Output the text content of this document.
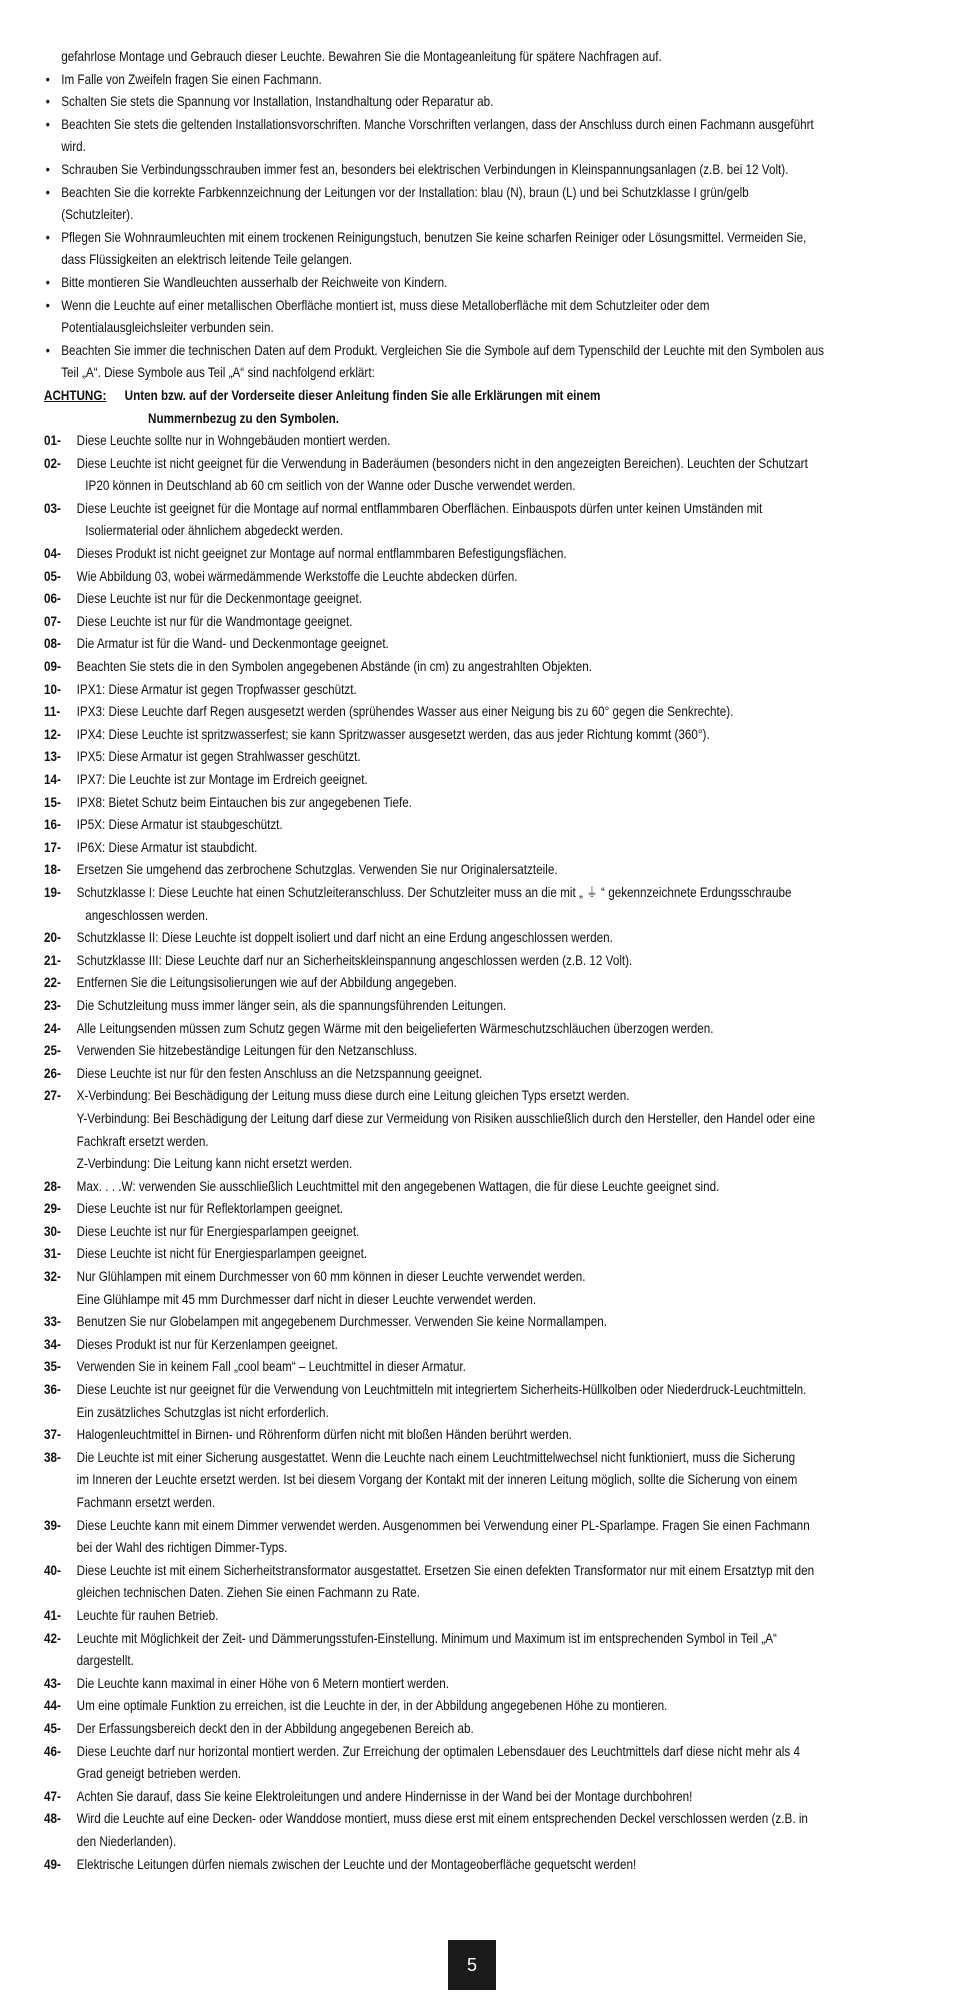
gefahrlose Montage und Gebrauch dieser Leuchte. Bewahren Sie die Montageanleitung für spätere Nachfragen auf.
• Im Falle von Zweifeln fragen Sie einen Fachmann.
• Schalten Sie stets die Spannung vor Installation, Instandhaltung oder Reparatur ab.
• Beachten Sie stets die geltenden Installationsvorschriften. Manche Vorschriften verlangen, dass der Anschluss durch einen Fachmann ausgeführt
wird.
• Schrauben Sie Verbindungsschrauben immer fest an, besonders bei elektrischen Verbindungen in Kleinspannungsanlagen (z.B. bei 12 Volt).
• Beachten Sie die korrekte Farbkennzeichnung der Leitungen vor der Installation: blau (N), braun (L) und bei Schutzklasse I grün/gelb
(Schutzleiter).
• Pflegen Sie Wohnraumleuchten mit einem trockenen Reinigungstuch, benutzen Sie keine scharfen Reiniger oder Lösungsmittel. Vermeiden Sie,
dass Flüssigkeiten an elektrisch leitende Teile gelangen.
• Bitte montieren Sie Wandleuchten ausserhalb der Reichweite von Kindern.
• Wenn die Leuchte auf einer metallischen Oberfläche montiert ist, muss diese Metalloberfläche mit dem Schutzleiter oder dem
Potentialausgleichsleiter verbunden sein.
• Beachten Sie immer die technischen Daten auf dem Produkt. Vergleichen Sie die Symbole auf dem Typenschild der Leuchte mit den Symbolen aus
Teil „A“. Diese Symbole aus Teil „A“ sind nachfolgend erklärt:
ACHTUNG: Unten bzw. auf der Vorderseite dieser Anleitung finden Sie alle Erklärungen mit einem
Nummernbezug zu den Symbolen.
01- Diese Leuchte sollte nur in Wohngebäuden montiert werden.
02- Diese Leuchte ist nicht geeignet für die Verwendung in Baderäumen (besonders nicht in den angezeigten Bereichen). Leuchten der Schutzart
IP20 können in Deutschland ab 60 cm seitlich von der Wanne oder Dusche verwendet werden.
03- Diese Leuchte ist geeignet für die Montage auf normal entflammbaren Oberflächen. Einbauspots dürfen unter keinen Umständen mit
Isoliermaterial oder ähnlichem abgedeckt werden.
04- Dieses Produkt ist nicht geeignet zur Montage auf normal entflammbaren Befestigungsflächen.
05- Wie Abbildung 03, wobei wärmedämmende Werkstoffe die Leuchte abdecken dürfen.
06- Diese Leuchte ist nur für die Deckenmontage geeignet.
07- Diese Leuchte ist nur für die Wandmontage geeignet.
08- Die Armatur ist für die Wand- und Deckenmontage geeignet.
09- Beachten Sie stets die in den Symbolen angegebenen Abstände (in cm) zu angestrahlten Objekten.
10- IPX1: Diese Armatur ist gegen Tropfwasser geschützt.
11- IPX3: Diese Leuchte darf Regen ausgesetzt werden (sprühendes Wasser aus einer Neigung bis zu 60° gegen die Senkrechte).
12- IPX4: Diese Leuchte ist spritzwasserfest; sie kann Spritzwasser ausgesetzt werden, das aus jeder Richtung kommt (360°).
13- IPX5: Diese Armatur ist gegen Strahlwasser geschützt.
14- IPX7: Die Leuchte ist zur Montage im Erdreich geeignet.
15- IPX8: Bietet Schutz beim Eintauchen bis zur angegebenen Tiefe.
16- IP5X: Diese Armatur ist staubgeschützt.
17- IP6X: Diese Armatur ist staubdicht.
18- Ersetzen Sie umgehend das zerbrochene Schutzglas. Verwenden Sie nur Originalersatzteile.
19- Schutzklasse I: Diese Leuchte hat einen Schutzleiteranschluss. Der Schutzleiter muss an die mit „ ⏚ “ gekennzeichnete Erdungsschraube
angeschlossen werden.
20- Schutzklasse II: Diese Leuchte ist doppelt isoliert und darf nicht an eine Erdung angeschlossen werden.
21- Schutzklasse III: Diese Leuchte darf nur an Sicherheitskleinspannung angeschlossen werden (z.B. 12 Volt).
22- Entfernen Sie die Leitungsisolierungen wie auf der Abbildung angegeben.
23- Die Schutzleitung muss immer länger sein, als die spannungsführenden Leitungen.
24- Alle Leitungsenden müssen zum Schutz gegen Wärme mit den beigelieferten Wärmeschutzschläuchen überzogen werden.
25- Verwenden Sie hitzebeständige Leitungen für den Netzanschluss.
26- Diese Leuchte ist nur für den festen Anschluss an die Netzspannung geeignet.
27- X-Verbindung: Bei Beschädigung der Leitung muss diese durch eine Leitung gleichen Typs ersetzt werden.
Y-Verbindung: Bei Beschädigung der Leitung darf diese zur Vermeidung von Risiken ausschließlich durch den Hersteller, den Handel oder eine
Fachkraft ersetzt werden.
Z-Verbindung: Die Leitung kann nicht ersetzt werden.
28- Max. . . .W: verwenden Sie ausschließlich Leuchtmittel mit den angegebenen Wattagen, die für diese Leuchte geeignet sind.
29- Diese Leuchte ist nur für Reflektorlampen geeignet.
30- Diese Leuchte ist nur für Energiesparlampen geeignet.
31- Diese Leuchte ist nicht für Energiesparlampen geeignet.
32- Nur Glühlampen mit einem Durchmesser von 60 mm können in dieser Leuchte verwendet werden.
Eine Glühlampe mit 45 mm Durchmesser darf nicht in dieser Leuchte verwendet werden.
33- Benutzen Sie nur Globelampen mit angegebenem Durchmesser. Verwenden Sie keine Normallampen.
34- Dieses Produkt ist nur für Kerzenlampen geeignet.
35- Verwenden Sie in keinem Fall „cool beam“ – Leuchtmittel in dieser Armatur.
36- Diese Leuchte ist nur geeignet für die Verwendung von Leuchtmitteln mit integriertem Sicherheits-Hüllkolben oder Niederdruck-Leuchtmitteln.
Ein zusätzliches Schutzglas ist nicht erforderlich.
37- Halogenleuchtmittel in Birnen- und Röhrenform dürfen nicht mit bloßen Händen berührt werden.
38- Die Leuchte ist mit einer Sicherung ausgestattet. Wenn die Leuchte nach einem Leuchtmittelwechsel nicht funktioniert, muss die Sicherung
im Inneren der Leuchte ersetzt werden. Ist bei diesem Vorgang der Kontakt mit der inneren Leitung möglich, sollte die Sicherung von einem
Fachmann ersetzt werden.
39- Diese Leuchte kann mit einem Dimmer verwendet werden. Ausgenommen bei Verwendung einer PL-Sparlampe. Fragen Sie einen Fachmann
bei der Wahl des richtigen Dimmer-Typs.
40- Diese Leuchte ist mit einem Sicherheitstransformator ausgestattet. Ersetzen Sie einen defekten Transformator nur mit einem Ersatztyp mit den
gleichen technischen Daten. Ziehen Sie einen Fachmann zu Rate.
41- Leuchte für rauhen Betrieb.
42- Leuchte mit Möglichkeit der Zeit- und Dämmerungsstufen-Einstellung. Minimum und Maximum ist im entsprechenden Symbol in Teil „A“
dargestellt.
43- Die Leuchte kann maximal in einer Höhe von 6 Metern montiert werden.
44- Um eine optimale Funktion zu erreichen, ist die Leuchte in der, in der Abbildung angegebenen Höhe zu montieren.
45- Der Erfassungsbereich deckt den in der Abbildung angegebenen Bereich ab.
46- Diese Leuchte darf nur horizontal montiert werden. Zur Erreichung der optimalen Lebensdauer des Leuchtmittels darf diese nicht mehr als 4
Grad geneigt betrieben werden.
47- Achten Sie darauf, dass Sie keine Elektroleitungen und andere Hindernisse in der Wand bei der Montage durchbohren!
48- Wird die Leuchte auf eine Decken- oder Wanddose montiert, muss diese erst mit einem entsprechenden Deckel verschlossen werden (z.B. in
den Niederlanden).
49- Elektrische Leitungen dürfen niemals zwischen der Leuchte und der Montageoberfläche gequetscht werden!
5
